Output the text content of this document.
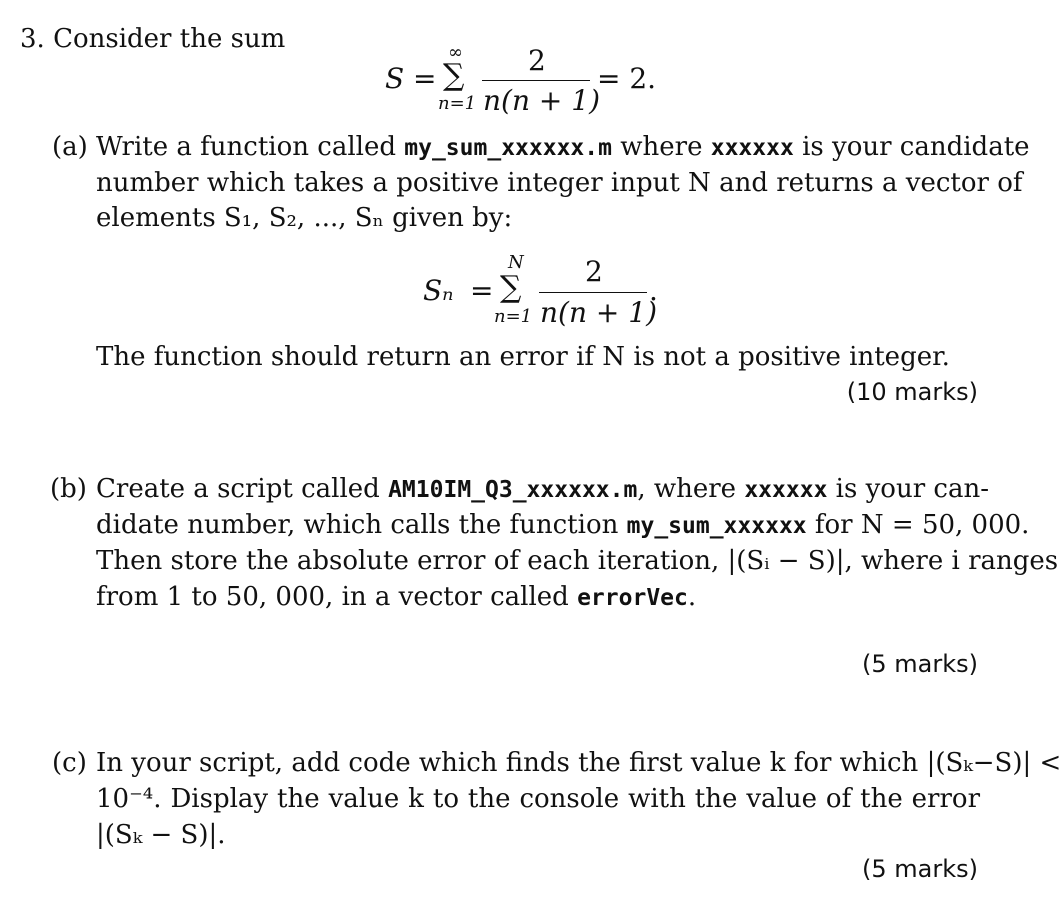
3. Consider the sum
S =
∞
∑
n=1
2
n(n + 1)
= 2.
(a) Write a function called my_sum_xxxxxx.m where xxxxxx is your candidate
number which takes a positive integer input N and returns a vector of
elements S₁, S₂, ..., Sₙ given by:
Sₙ =
N
∑
n=1
2
n(n + 1)
.
The function should return an error if N is not a positive integer.
(10 marks)
(b) Create a script called AM10IM_Q3_xxxxxx.m, where xxxxxx is your can-
didate number, which calls the function my_sum_xxxxxx for N = 50, 000.
Then store the absolute error of each iteration, |(Sᵢ − S)|, where i ranges
from 1 to 50, 000, in a vector called errorVec.
(5 marks)
(c) In your script, add code which finds the first value k for which |(Sₖ−S)| <
10⁻⁴. Display the value k to the console with the value of the error
|(Sₖ − S)|.
(5 marks)
